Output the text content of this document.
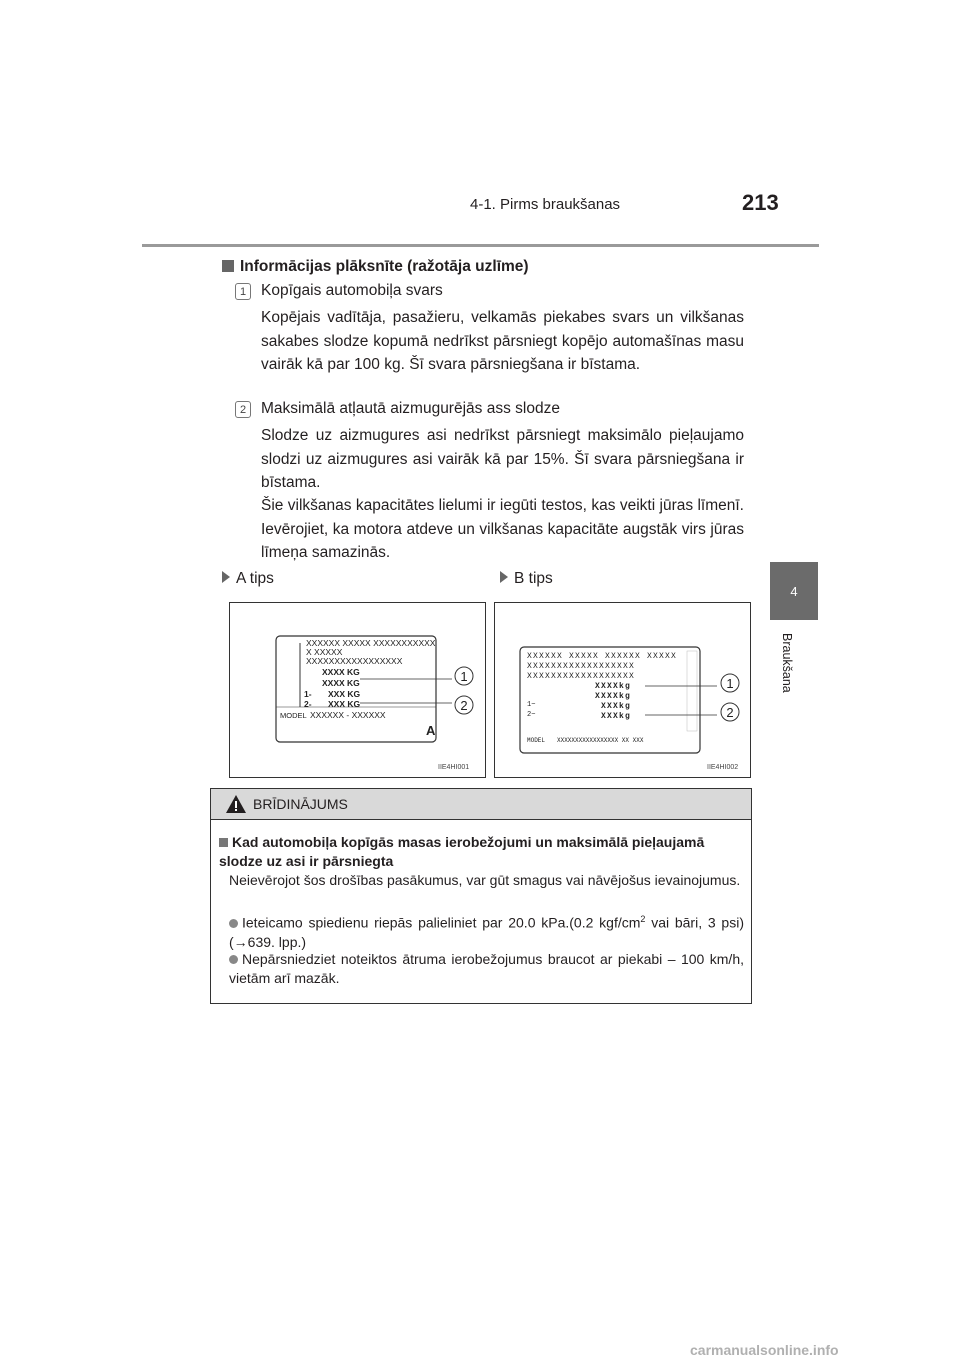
4-1. Pirms braukšanas	213
4
Braukšana
Informācijas plāksnīte (ražotāja uzlīme)
1 Kopīgais automobiļa svars
Kopējais vadītāja, pasažieru, velkamās piekabes svars un vilkšanas sakabes slodze kopumā nedrīkst pārsniegt kopējo automašīnas masu vairāk kā par 100 kg. Šī svara pārsniegšana ir bīstama.
2 Maksimālā atļautā aizmugurējās ass slodze
Slodze uz aizmugures asi nedrīkst pārsniegt maksimālo pieļaujamo slodzi uz aizmugures asi vairāk kā par 15%. Šī svara pārsniegšana ir bīstama.
Šie vilkšanas kapacitātes lielumi ir iegūti testos, kas veikti jūras līmenī. Ievērojiet, ka motora atdeve un vilkšanas kapacitāte augstāk virs jūras līmeņa samazinās.
A tips	B tips
XXXXXX XXXXX XXXXXXXXXXX
X XXXXX
XXXXXXXXXXXXXXXXX
XXXX KG
XXXX KG
1- XXX KG
2- XXX KG
MODEL XXXXXX - XXXXXX
A
1
2
IIE4HI001
XXXXXX XXXXX XXXXXX XXXXX
XXXXXXXXXXXXXXXXXX
XXXXXXXXXXXXXXXXXX
XXXXkg
XXXXkg
1~	XXXkg
2~	XXXkg
MODEL XXXXXXXXXXXXXXXXX XX XXX
1
2
IIE4HI002
BRĪDINĀJUMS
Kad automobiļa kopīgās masas ierobežojumi un maksimālā pieļaujamā slodze uz asi ir pārsniegta
Neievērojot šos drošības pasākumus, var gūt smagus vai nāvējošus ievainojumus.
Ieteicamo spiedienu riepās palieliniet par 20.0 kPa.(0.2 kgf/$cm^2$ vai bāri, 3 psi) (→639. lpp.)
Nepārsniedziet noteiktos ātruma ierobežojumus braucot ar piekabi – 100 km/h, vietām arī mazāk.
carmanualsonline.info
